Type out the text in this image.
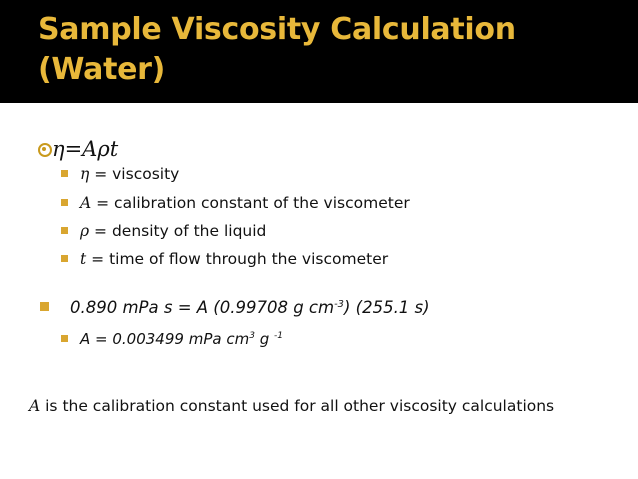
Sample Viscosity Calculation
(Water)
η=Aρt
η = viscosity
A = calibration constant of the viscometer
ρ = density of the liquid
t = time of flow through the viscometer
0.890 mPa s = A (0.99708 g $cm^{-3}$) (255.1 s)
A = 0.003499 mPa $cm^3$ g $^{-1}$
A is the calibration constant used for all other viscosity calculations
